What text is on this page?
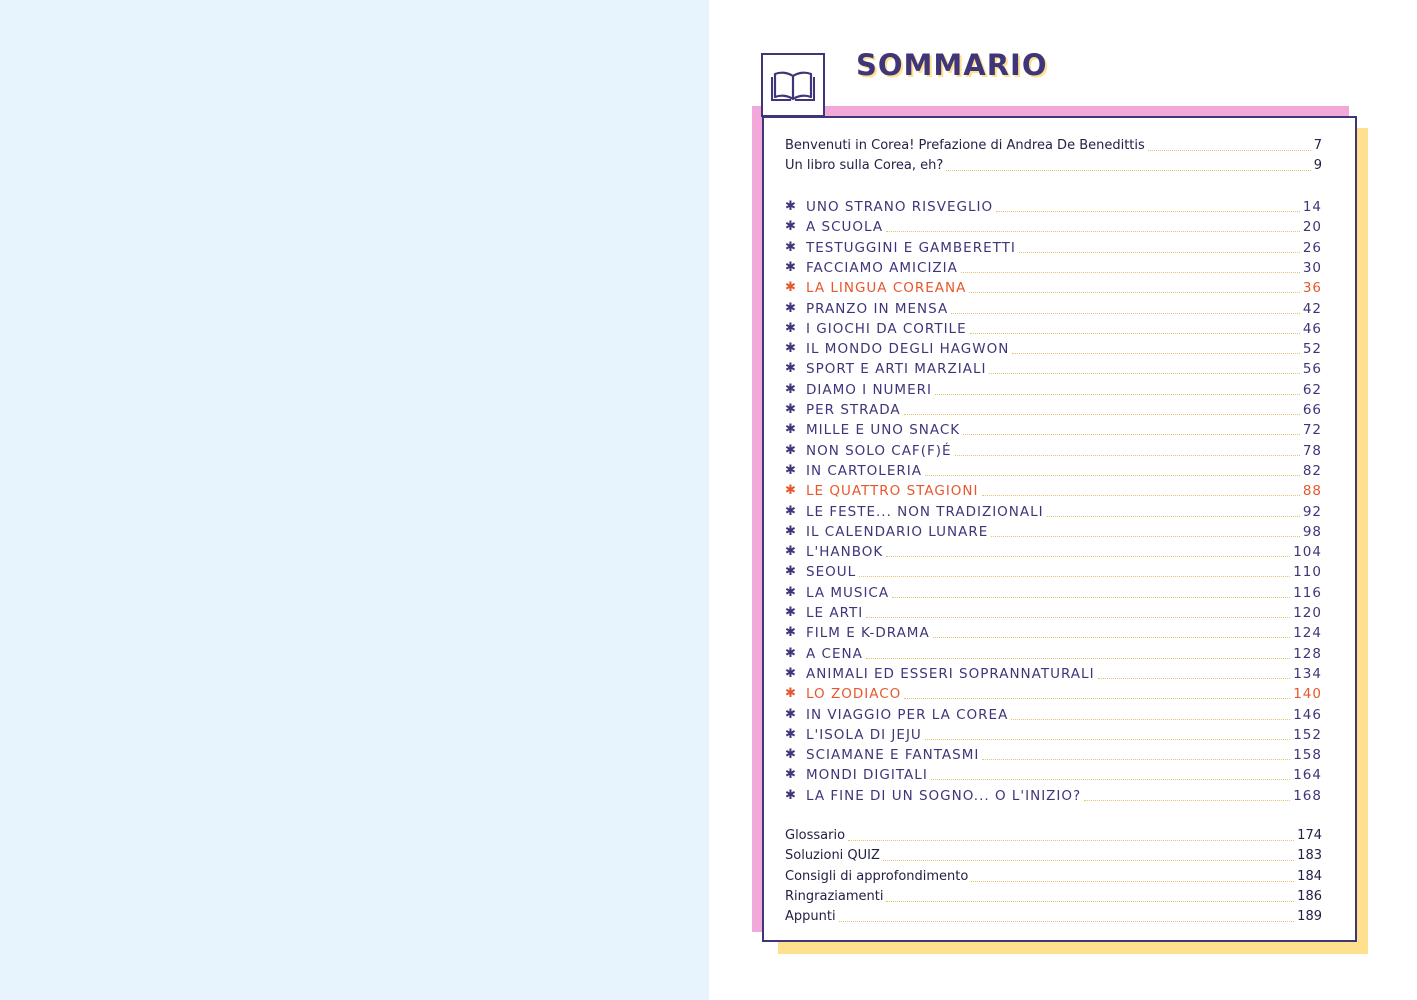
SOMMARIO
Benvenuti in Corea! Prefazione di Andrea De Benedittis	7
Un libro sulla Corea, eh?	9
✱ UNO STRANO RISVEGLIO	14
✱ A SCUOLA	20
✱ TESTUGGINI E GAMBERETTI	26
✱ FACCIAMO AMICIZIA	30
✱ LA LINGUA COREANA	36
✱ PRANZO IN MENSA	42
✱ I GIOCHI DA CORTILE	46
✱ IL MONDO DEGLI HAGWON	52
✱ SPORT E ARTI MARZIALI	56
✱ DIAMO I NUMERI	62
✱ PER STRADA	66
✱ MILLE E UNO SNACK	72
✱ NON SOLO CAF(F)É	78
✱ IN CARTOLERIA	82
✱ LE QUATTRO STAGIONI	88
✱ LE FESTE... NON TRADIZIONALI	92
✱ IL CALENDARIO LUNARE	98
✱ L'HANBOK	104
✱ SEOUL	110
✱ LA MUSICA	116
✱ LE ARTI	120
✱ FILM E K-DRAMA	124
✱ A CENA	128
✱ ANIMALI ED ESSERI SOPRANNATURALI	134
✱ LO ZODIACO	140
✱ IN VIAGGIO PER LA COREA	146
✱ L'ISOLA DI JEJU	152
✱ SCIAMANE E FANTASMI	158
✱ MONDI DIGITALI	164
✱ LA FINE DI UN SOGNO... O L'INIZIO?	168
Glossario	174
Soluzioni QUIZ	183
Consigli di approfondimento	184
Ringraziamenti	186
Appunti	189
